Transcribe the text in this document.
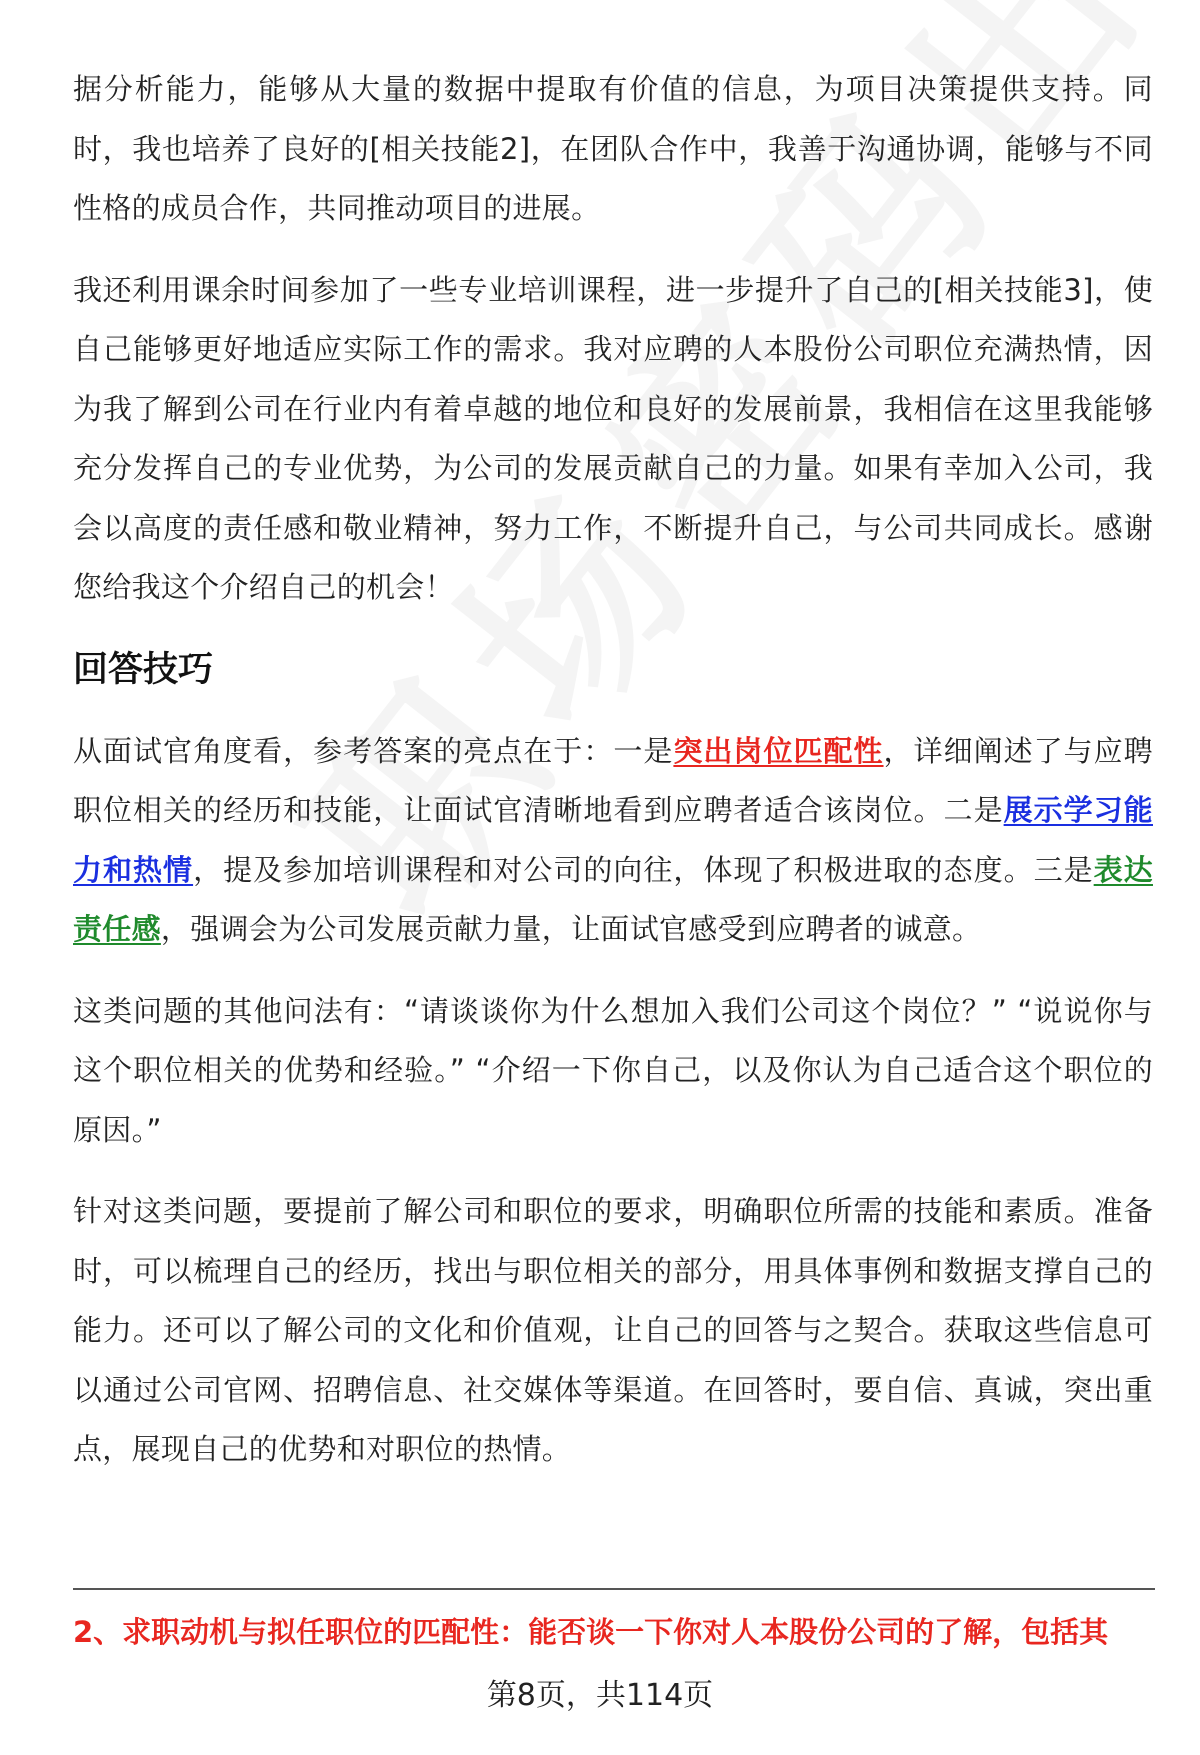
据分析能力，能够从大量的数据中提取有价值的信息，为项目决策提供支持。同时，我也培养了良好的[相关技能2]，在团队合作中，我善于沟通协调，能够与不同性格的成员合作，共同推动项目的进展。

我还利用课余时间参加了一些专业培训课程，进一步提升了自己的[相关技能3]，使自己能够更好地适应实际工作的需求。我对应聘的人本股份公司职位充满热情，因为我了解到公司在行业内有着卓越的地位和良好的发展前景，我相信在这里我能够充分发挥自己的专业优势，为公司的发展贡献自己的力量。如果有幸加入公司，我会以高度的责任感和敬业精神，努力工作，不断提升自己，与公司共同成长。感谢您给我这个介绍自己的机会！

回答技巧

从面试官角度看，参考答案的亮点在于：一是突出岗位匹配性，详细阐述了与应聘职位相关的经历和技能，让面试官清晰地看到应聘者适合该岗位。二是展示学习能力和热情，提及参加培训课程和对公司的向往，体现了积极进取的态度。三是表达责任感，强调会为公司发展贡献力量，让面试官感受到应聘者的诚意。

这类问题的其他问法有：“请谈谈你为什么想加入我们公司这个岗位？” “说说你与这个职位相关的优势和经验。” “介绍一下你自己，以及你认为自己适合这个职位的原因。”

针对这类问题，要提前了解公司和职位的要求，明确职位所需的技能和素质。准备时，可以梳理自己的经历，找出与职位相关的部分，用具体事例和数据支撑自己的能力。还可以了解公司的文化和价值观，让自己的回答与之契合。获取这些信息可以通过公司官网、招聘信息、社交媒体等渠道。在回答时，要自信、真诚，突出重点，展现自己的优势和对职位的热情。

2、求职动机与拟任职位的匹配性：能否谈一下你对人本股份公司的了解，包括其
第8页，共114页
